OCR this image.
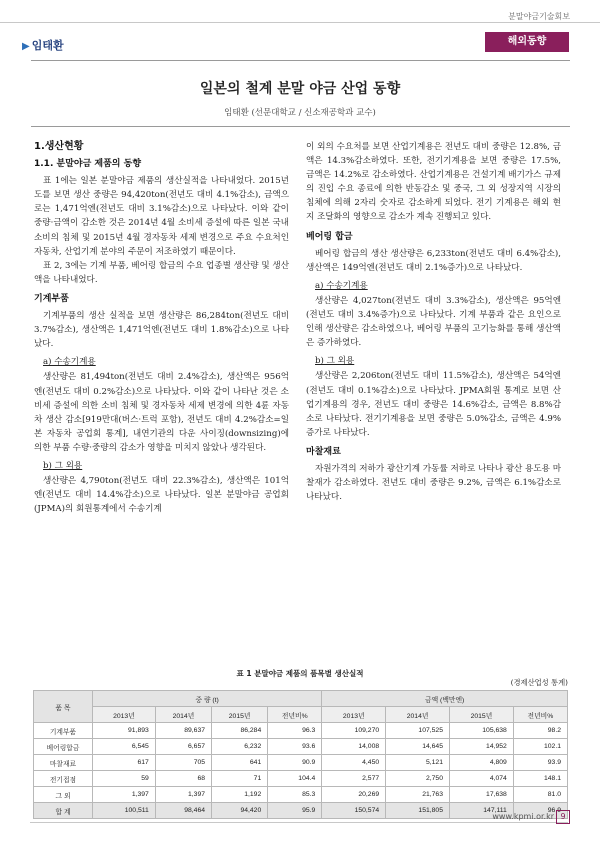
분말야금기술회보
▶ 임태환	해외동향
일본의 철계 분말 야금 산업 동향
임태환 (선문대학교 / 신소재공학과 교수)
1.생산현황
1.1. 분말야금 제품의 동향

표 1에는 일본 분말야금 제품의 생산실적을 나타내었다. 2015년도를 보면 생산 중량은 94,420ton(전년도 대비 4.1%감소), 금액으로는 1,471억엔(전년도 대비 3.1%감소)으로 나타났다. 이와 같이 중량·금액이 감소한 것은 2014년 4월 소비세 증설에 따른 일본 국내 소비의 침체 및 2015년 4월 경자동차 세제 변경으로 주요 수요처인 자동차, 산업기계 분야의 주문이 저조하였기 때문이다.

표 2, 3에는 기계 부품, 베어링 합금의 수요 업종별 생산량 및 생산액을 나타내었다.

기계부품

기계부품의 생산 실적을 보면 생산량은 86,284ton(전년도 대비 3.7%감소), 생산액은 1,471억엔(전년도 대비 1.8%감소)으로 나타났다.

a) 수송기계용

생산량은 81,494ton(전년도 대비 2.4%감소), 생산액은 956억엔(전년도 대비 0.2%감소)으로 나타났다. 이와 같이 나타난 것은 소비세 증설에 의한 소비 침체 및 경자동차 세제 변경에 의한 4륜 자동차 생산 감소[919만대(버스·트럭 포함), 전년도 대비 4.2%감소=일본 자동차 공업회 통계], 내연기관의 다운 사이징(downsizing)에 의한 부품 수량·중량의 감소가 영향을 미치지 않았나 생각된다.

b) 그 외용

생산량은 4,790ton(전년도 대비 22.3%감소), 생산액은 101억엔(전년도 대비 14.4%감소)으로 나타났다. 일본 분말야금 공업회(JPMA)의 회원통계에서 수송기계

이 외의 수요처를 보면 산업기계용은 전년도 대비 중량은 12.8%, 금액은 14.3%감소하였다. 또한, 전기기계용을 보면 중량은 17.5%, 금액은 14.2%로 감소하였다. 산업기계용은 건설기계 배기가스 규제의 진입 수요 종료에 의한 반동감소 및 중국, 그 외 성장지역 시장의 침체에 의해 2자리 숫자로 감소하게 되었다. 전기 기계용은 해외 현지 조달화의 영향으로 감소가 계속 진행되고 있다.

베어링 합금

베어링 합금의 생산 생산량은 6,233ton(전년도 대비 6.4%감소), 생산액은 149억엔(전년도 대비 2.1%증가)으로 나타났다.

a) 수송기계용

생산량은 4,027ton(전년도 대비 3.3%감소), 생산액은 95억엔(전년도 대비 3.4%증가)으로 나타났다. 기계 부품과 같은 요인으로 인해 생산량은 감소하였으나, 베어링 부품의 고기능화를 통해 생산액은 증가하였다.

b) 그 외용

생산량은 2,206ton(전년도 대비 11.5%감소), 생산액은 54억엔(전년도 대비 0.1%감소)으로 나타났다. JPMA회원 통계로 보면 산업기계용의 경우, 전년도 대비 중량은 14.6%감소, 금액은 8.8%감소로 나타났다. 전기기계용을 보면 중량은 5.0%감소, 금액은 4.9% 증가로 나타났다.

마찰재료

자원가격의 저하가 광산기계 가동률 저하로 나타나 광산 용도용 마찰재가 감소하였다. 전년도 대비 중량은 9.2%, 금액은 6.1%감소로 나타났다.

표 1 분말야금 제품의 품목별 생산실적
(경제산업성 통계)
품 목	중 량 (t)				금액 (백만엔)			
	2013년	2014년	2015년	전년비%	2013년	2014년	2015년	전년비%
기계부품	91,893	89,637	86,284	96.3	109,270	107,525	105,638	98.2
베어링합금	6,545	6,657	6,232	93.6	14,008	14,645	14,952	102.1
마찰재료	617	705	641	90.9	4,450	5,121	4,809	93.9
전기접점	59	68	71	104.4	2,577	2,750	4,074	148.1
그 외	1,397	1,397	1,192	85.3	20,269	21,763	17,638	81.0
합 계	100,511	98,464	94,420	95.9	150,574	151,805	147,111	96.9
www.kpmi.or.kr 9
